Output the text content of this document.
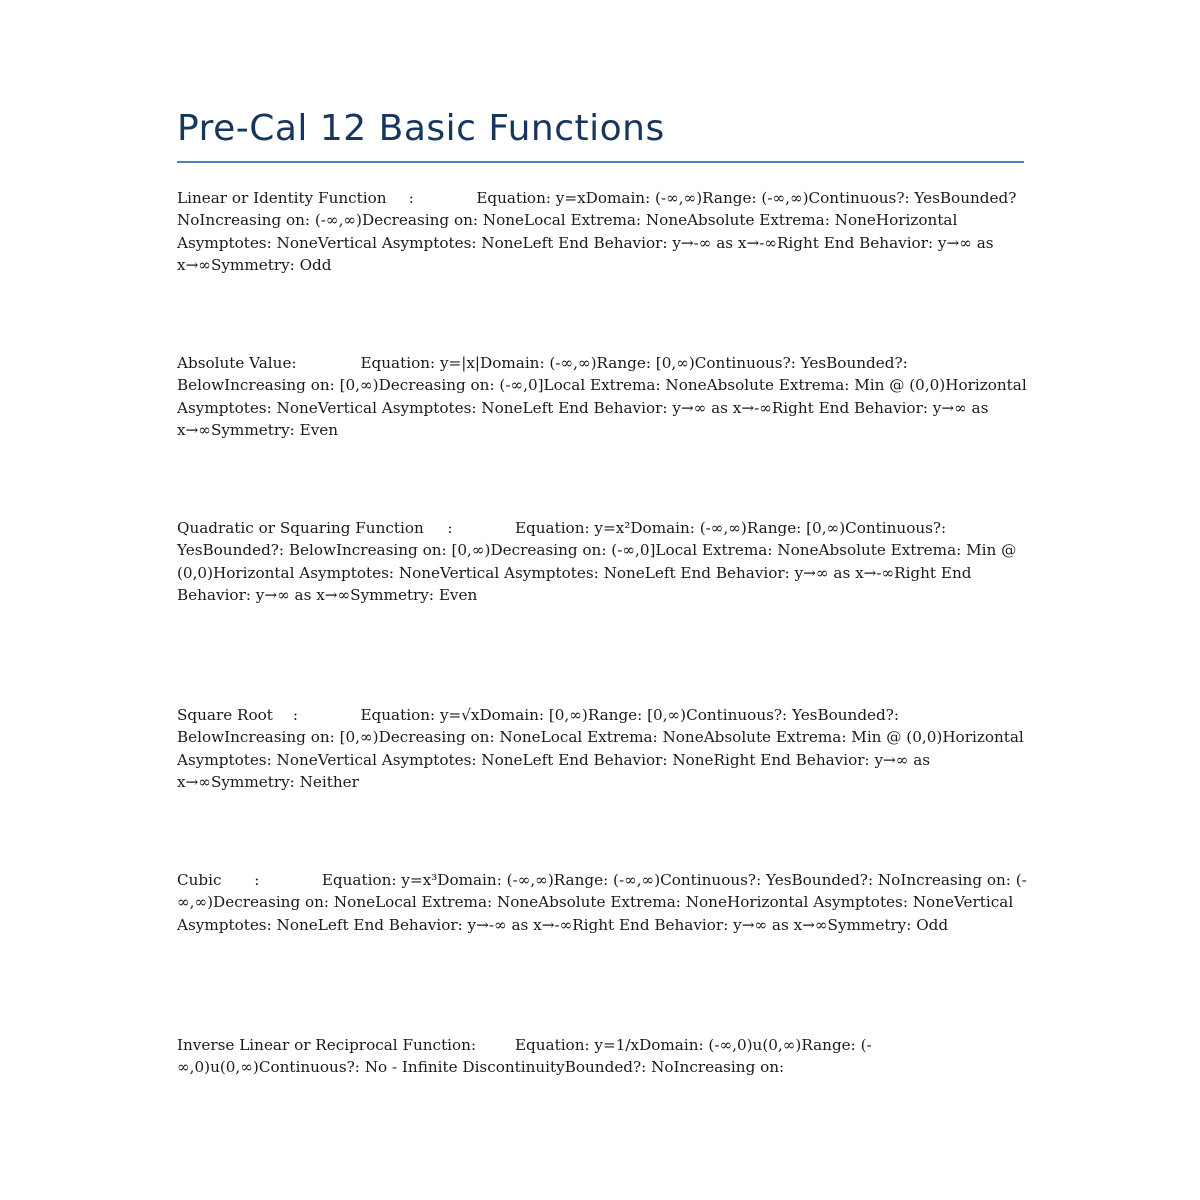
Pre-Cal 12 Basic Functions

Linear or Identity Function	:	Equation: y=xDomain: (-∞,∞)Range: (-∞,∞)Continuous?: YesBounded? NoIncreasing on: (-∞,∞)Decreasing on: NoneLocal Extrema: NoneAbsolute Extrema: NoneHorizontal Asymptotes: NoneVertical Asymptotes: NoneLeft End Behavior: y→-∞ as x→-∞Right End Behavior: y→∞ as x→∞Symmetry: Odd

Absolute Value:	Equation: y=|x|Domain: (-∞,∞)Range: [0,∞)Continuous?: YesBounded?: BelowIncreasing on: [0,∞)Decreasing on: (-∞,0]Local Extrema: NoneAbsolute Extrema: Min @ (0,0)Horizontal Asymptotes: NoneVertical Asymptotes: NoneLeft End Behavior: y→∞ as x→-∞Right End Behavior: y→∞ as x→∞Symmetry: Even

Quadratic or Squaring Function	:	Equation: y=x²Domain: (-∞,∞)Range: [0,∞)Continuous?: YesBounded?: BelowIncreasing on: [0,∞)Decreasing on: (-∞,0]Local Extrema: NoneAbsolute Extrema: Min @ (0,0)Horizontal Asymptotes: NoneVertical Asymptotes: NoneLeft End Behavior: y→∞ as x→-∞Right End Behavior: y→∞ as x→∞Symmetry: Even

Square Root	:	Equation: y=√xDomain: [0,∞)Range: [0,∞)Continuous?: YesBounded?: BelowIncreasing on: [0,∞)Decreasing on: NoneLocal Extrema: NoneAbsolute Extrema: Min @ (0,0)Horizontal Asymptotes: NoneVertical Asymptotes: NoneLeft End Behavior: NoneRight End Behavior: y→∞ as x→∞Symmetry: Neither

Cubic	:	Equation: y=x³Domain: (-∞,∞)Range: (-∞,∞)Continuous?: YesBounded?: NoIncreasing on: (-∞,∞)Decreasing on: NoneLocal Extrema: NoneAbsolute Extrema: NoneHorizontal Asymptotes: NoneVertical Asymptotes: NoneLeft End Behavior: y→-∞ as x→-∞Right End Behavior: y→∞ as x→∞Symmetry: Odd

Inverse Linear or Reciprocal Function:	Equation: y=1/xDomain: (-∞,0)u(0,∞)Range: (-∞,0)u(0,∞)Continuous?: No - Infinite DiscontinuityBounded?: NoIncreasing on:
